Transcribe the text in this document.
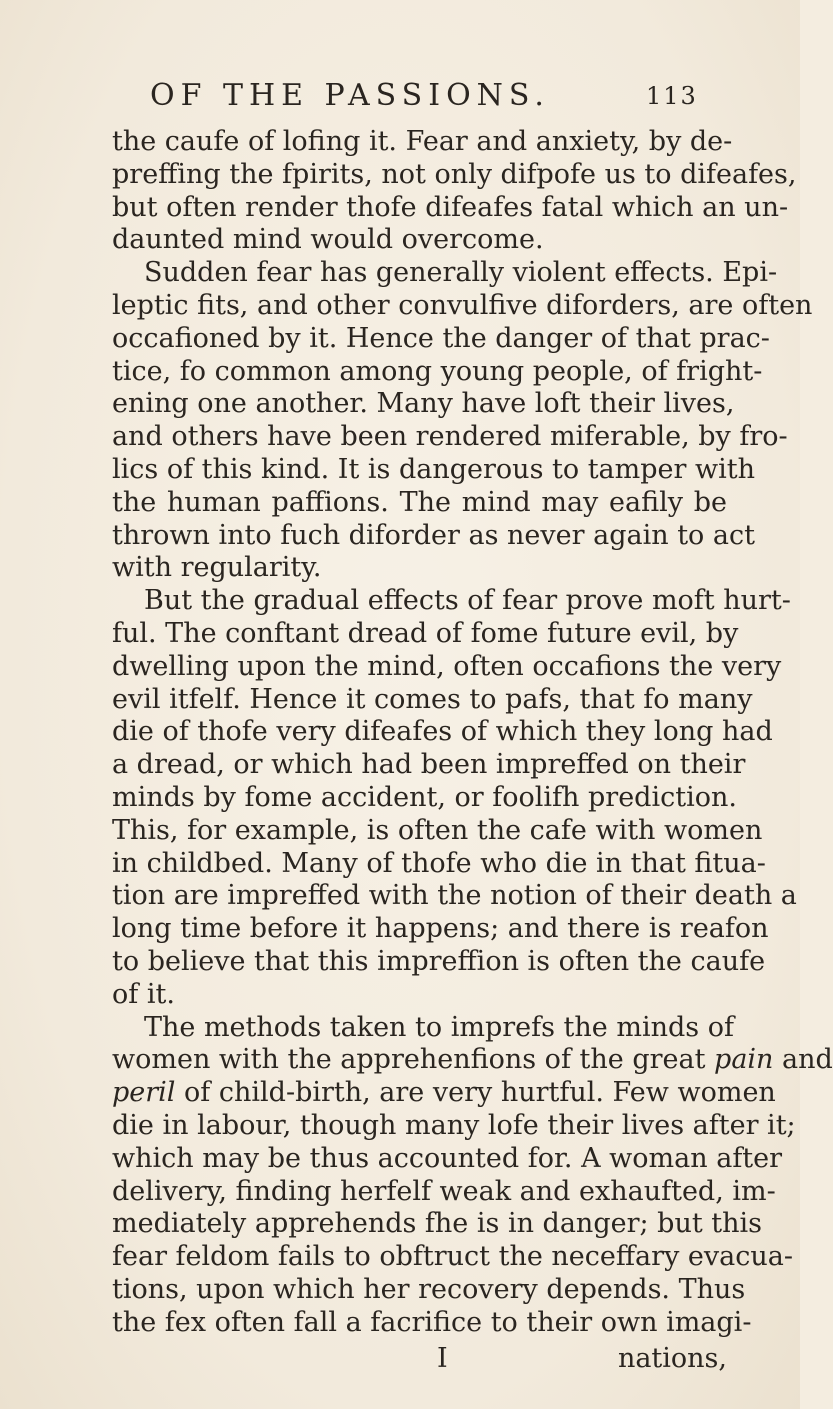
OF THE PASSIONS.	113
the caufe of lofing it. Fear and anxiety, by de-
preffing the fpirits, not only difpofe us to difeafes,
but often render thofe difeafes fatal which an un-
daunted mind would overcome.
Sudden fear has generally violent effects. Epi-
leptic fits, and other convulfive diforders, are often
occafioned by it. Hence the danger of that prac-
tice, fo common among young people, of fright-
ening one another. Many have loft their lives,
and others have been rendered miferable, by fro-
lics of this kind. It is dangerous to tamper with
the human paffions. The mind may eafily be
thrown into fuch diforder as never again to act
with regularity.
But the gradual effects of fear prove moft hurt-
ful. The conftant dread of fome future evil, by
dwelling upon the mind, often occafions the very
evil itfelf. Hence it comes to pafs, that fo many
die of thofe very difeafes of which they long had
a dread, or which had been impreffed on their
minds by fome accident, or foolifh prediction.
This, for example, is often the cafe with women
in childbed. Many of thofe who die in that fitua-
tion are impreffed with the notion of their death a
long time before it happens; and there is reafon
to believe that this impreffion is often the caufe
of it.
The methods taken to imprefs the minds of
women with the apprehenfions of the great pain and
peril of child-birth, are very hurtful. Few women
die in labour, though many lofe their lives after it;
which may be thus accounted for. A woman after
delivery, finding herfelf weak and exhaufted, im-
mediately apprehends fhe is in danger; but this
fear feldom fails to obftruct the neceffary evacua-
tions, upon which her recovery depends. Thus
the fex often fall a facrifice to their own imagi-
I	nations,
